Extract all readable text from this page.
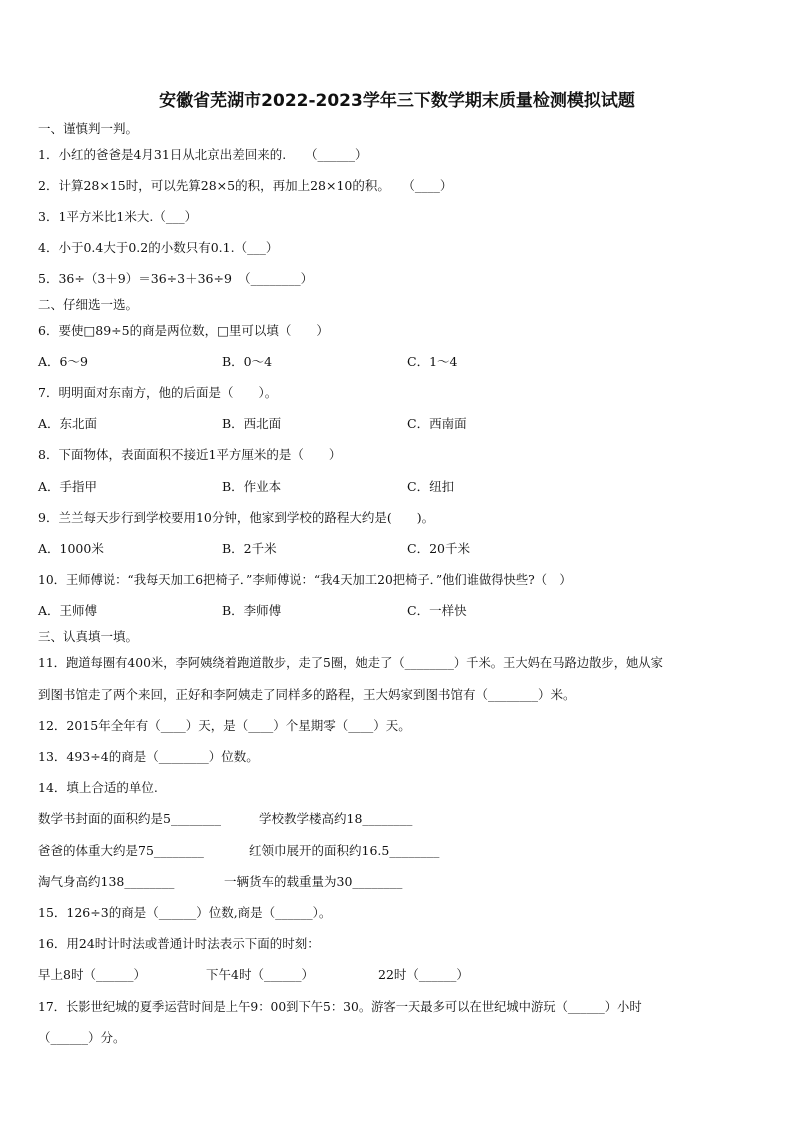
安徽省芜湖市2022-2023学年三下数学期末质量检测模拟试题
一、谨慎判一判。
1．小红的爸爸是4月31日从北京出差回来的.　　（______）
2．计算28×15时，可以先算28×5的积，再加上28×10的积。　　（____）
3．1平方米比1米大.（___）
4．小于0.4大于0.2的小数只有0.1.（___）
5．36÷（3＋9）＝36÷3＋36÷9　（________）
二、仔细选一选。
6．要使□89÷5的商是两位数，□里可以填（　　）
A．6～9	B．0～4	C．1～4
7．明明面对东南方，他的后面是（　　）。
A．东北面	B．西北面	C．西南面
8．下面物体，表面面积不接近1平方厘米的是（　　）
A．手指甲	B．作业本	C．纽扣
9．兰兰每天步行到学校要用10分钟，他家到学校的路程大约是(　　)。
A．1000米	B．2千米	C．20千米
10．王师傅说：“我每天加工6把椅子．”李师傅说：“我4天加工20把椅子．”他们谁做得快些?（　）
A．王师傅	B．李师傅	C．一样快
三、认真填一填。
11．跑道每圈有400米，李阿姨绕着跑道散步，走了5圈，她走了（________）千米。王大妈在马路边散步，她从家
到图书馆走了两个来回，正好和李阿姨走了同样多的路程，王大妈家到图书馆有（________）米。
12．2015年全年有（____）天，是（____）个星期零（____）天。
13．493÷4的商是（________）位数。
14．填上合适的单位.
数学书封面的面积约是5________	学校教学楼高约18________
爸爸的体重大约是75________	红领巾展开的面积约16.5________
淘气身高约138________	一辆货车的载重量为30________
15．126÷3的商是（______）位数,商是（______）。
16．用24时计时法或普通计时法表示下面的时刻：
早上8时（______）	下午4时（______）	22时（______）
17．长影世纪城的夏季运营时间是上午9：00到下午5：30。游客一天最多可以在世纪城中游玩（______）小时
（______）分。
